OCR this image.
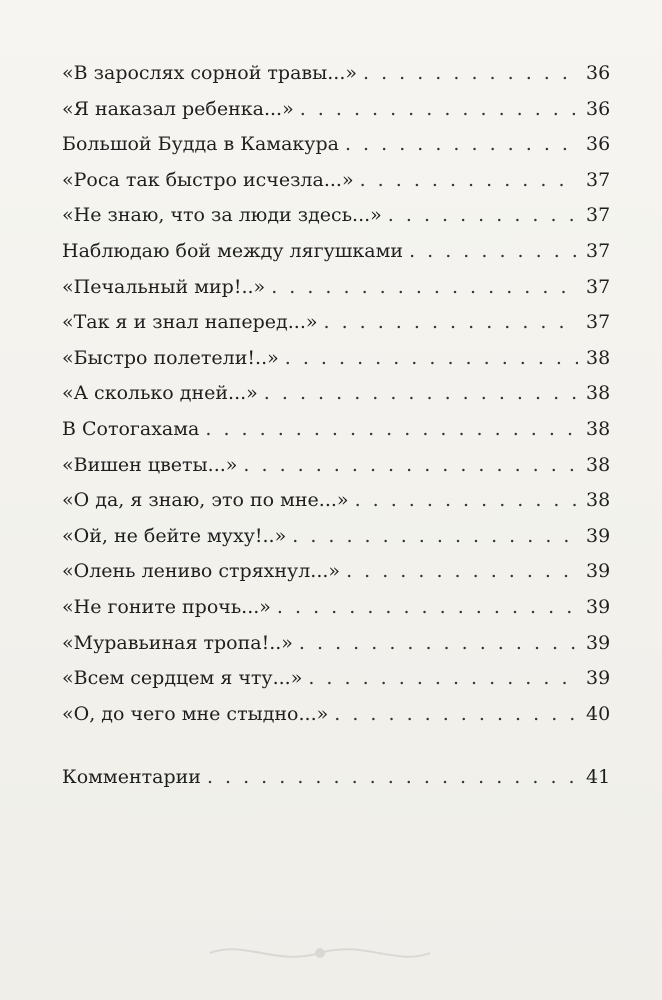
«В зарослях сорной травы...» . . .	36
«Я наказал ребенка...» . . .	36
Большой Будда в Камакура . . .	36
«Роса так быстро исчезла...» . . .	37
«Не знаю, что за люди здесь...» . . .	37
Наблюдаю бой между лягушками . . .	37
«Печальный мир!..» . . .	37
«Так я и знал наперед...» . . .	37
«Быстро полетели!..» . . .	38
«А сколько дней...» . . .	38
В Сотогахама . . .	38
«Вишен цветы...» . . .	38
«О да, я знаю, это по мне...» . . .	38
«Ой, не бейте муху!..» . . .	39
«Олень лениво стряхнул...» . . .	39
«Не гоните прочь...» . . .	39
«Муравьиная тропа!..» . . .	39
«Всем сердцем я чту...» . . .	39
«О, до чего мне стыдно...» . . .	40
Комментарии . . .	41
